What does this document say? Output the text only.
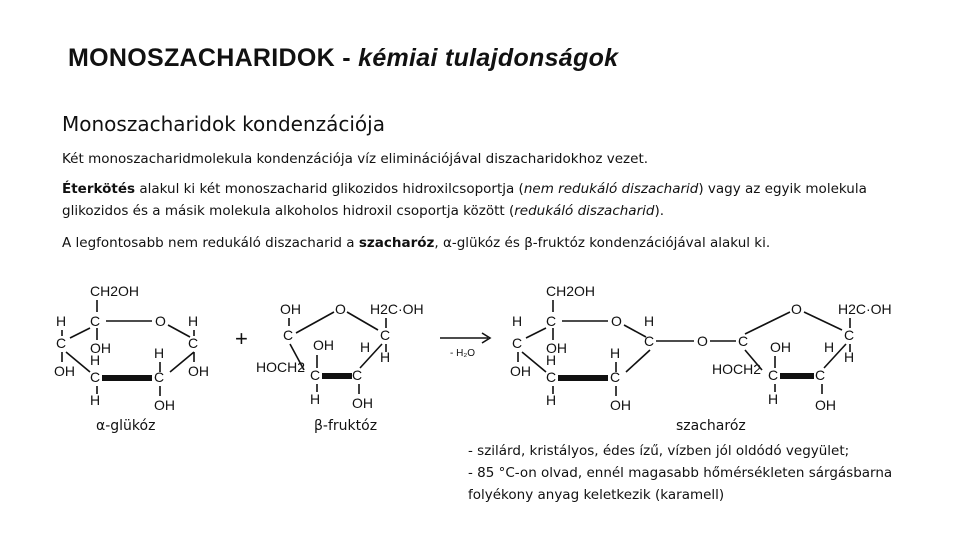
MONOSZACHARIDOK - kémiai tulajdonságok
Monoszacharidok kondenzációja
Két monoszacharidmolekula kondenzációja víz eliminációjával diszacharidokhoz vezet.
Éterkötés alakul ki két monoszacharid glikozidos hidroxilcsoportja (nem redukáló diszacharid) vagy az egyik molekula glikozidos és a másik molekula alkoholos hidroxil csoportja között (redukáló diszacharid).
A legfontosabb nem redukáló diszacharid a szacharóz, α-glükóz és β-fruktóz kondenzációjával alakul ki.
CH2OH
C	O
H
C OH
H
H
C
OH C
H
C OH
H	OH
+
OH O H2C·OH
C
OH H
C
H
HOCH2 C C
H OH
- H₂O
CH2OH
C	O
H
C OH
H
H
C
OH C
H
C
H	OH
O C
O	H2C·OH
C
H
H
OH
HOCH2 C	C
H	OH
α-glükóz	β-fruktóz	szacharóz
- szilárd, kristályos, édes ízű, vízben jól oldódó vegyület;
- 85 °C-on olvad, ennél magasabb hőmérsékleten sárgásbarna folyékony anyag keletkezik (karamell)
